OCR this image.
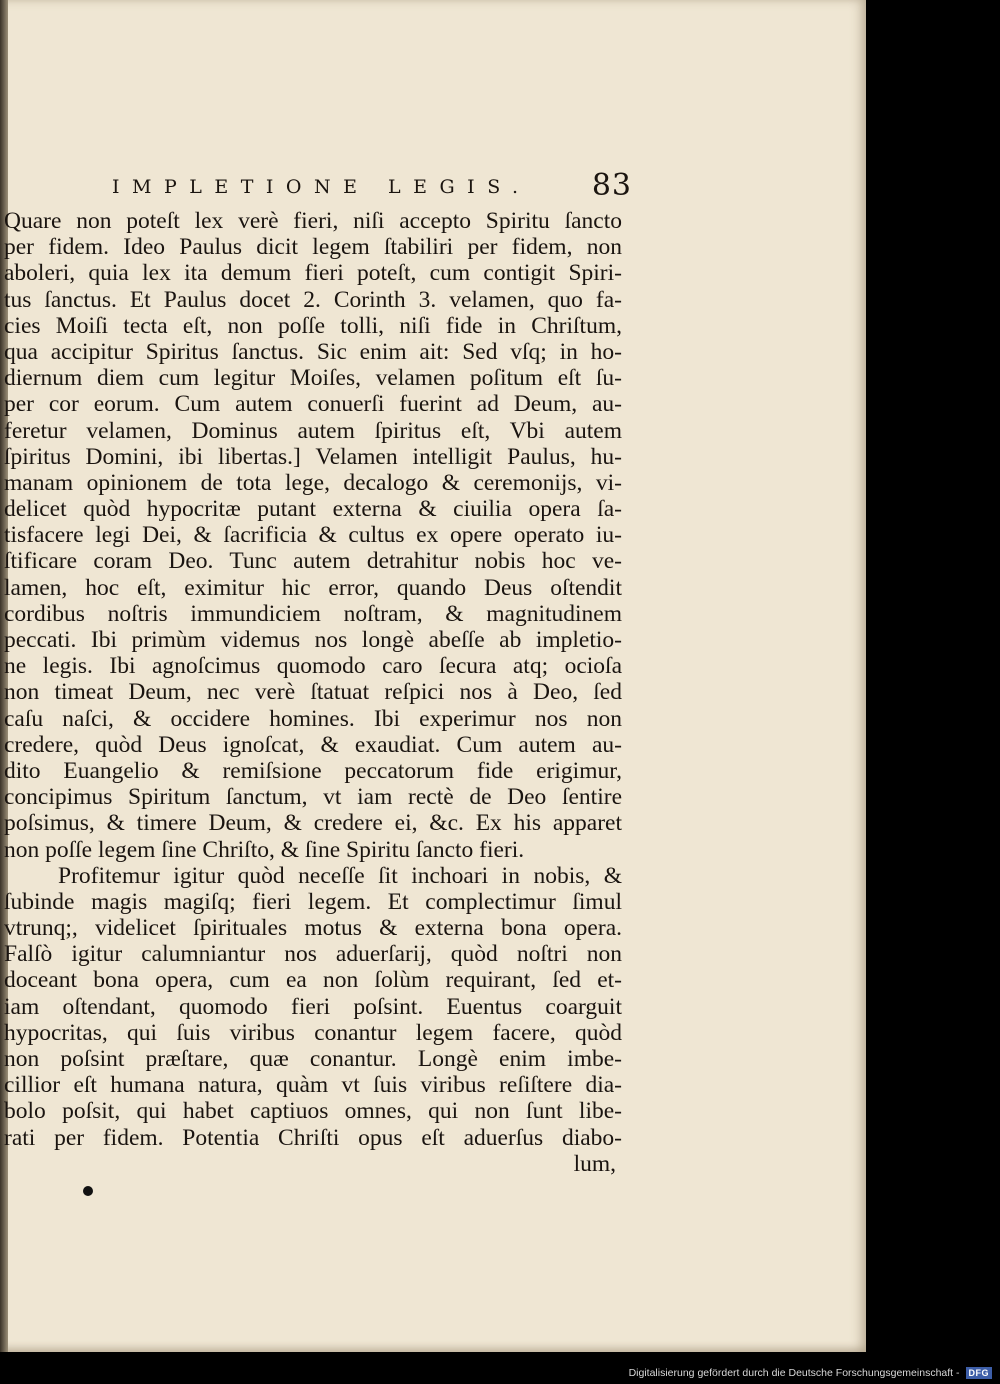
IMPLETIONE LEGIS. 83
Quare non poteſt lex verè fieri, niſi accepto Spiritu ſancto
per fidem. Ideo Paulus dicit legem ſtabiliri per fidem, non
aboleri, quia lex ita demum fieri poteſt, cum contigit Spiri-
tus ſanctus. Et Paulus docet 2. Corinth 3. velamen, quo fa-
cies Moiſi tecta eſt, non poſſe tolli, niſi fide in Chriſtum,
qua accipitur Spiritus ſanctus. Sic enim ait: Sed vſq; in ho-
diernum diem cum legitur Moiſes, velamen poſitum eſt ſu-
per cor eorum. Cum autem conuerſi fuerint ad Deum, au-
feretur velamen, Dominus autem ſpiritus eſt, Vbi autem
ſpiritus Domini, ibi libertas.] Velamen intelligit Paulus, hu-
manam opinionem de tota lege, decalogo & ceremonijs, vi-
delicet quòd hypocritæ putant externa & ciuilia opera ſa-
tisfacere legi Dei, & ſacrificia & cultus ex opere operato iu-
ſtificare coram Deo. Tunc autem detrahitur nobis hoc ve-
lamen, hoc eſt, eximitur hic error, quando Deus oſtendit
cordibus noſtris immundiciem noſtram, & magnitudinem
peccati. Ibi primùm videmus nos longè abeſſe ab impletio-
ne legis. Ibi agnoſcimus quomodo caro ſecura atq; ocioſa
non timeat Deum, nec verè ſtatuat reſpici nos à Deo, ſed
caſu naſci, & occidere homines. Ibi experimur nos non
credere, quòd Deus ignoſcat, & exaudiat. Cum autem au-
dito Euangelio & remiſsione peccatorum fide erigimur,
concipimus Spiritum ſanctum, vt iam rectè de Deo ſentire
poſsimus, & timere Deum, & credere ei, &c. Ex his apparet
non poſſe legem ſine Chriſto, & ſine Spiritu ſancto fieri.
Profitemur igitur quòd neceſſe ſit inchoari in nobis, &
ſubinde magis magiſq; fieri legem. Et complectimur ſimul
vtrunq;, videlicet ſpirituales motus & externa bona opera.
Falſò igitur calumniantur nos aduerſarij, quòd noſtri non
doceant bona opera, cum ea non ſolùm requirant, ſed et-
iam oſtendant, quomodo fieri poſsint. Euentus coarguit
hypocritas, qui ſuis viribus conantur legem facere, quòd
non poſsint præſtare, quæ conantur. Longè enim imbe-
cillior eſt humana natura, quàm vt ſuis viribus reſiſtere dia-
bolo poſsit, qui habet captiuos omnes, qui non ſunt libe-
rati per fidem. Potentia Chriſti opus eſt aduerſus diabo-
lum,
Digitalisierung gefördert durch die Deutsche Forschungsgemeinschaft -	DFG
